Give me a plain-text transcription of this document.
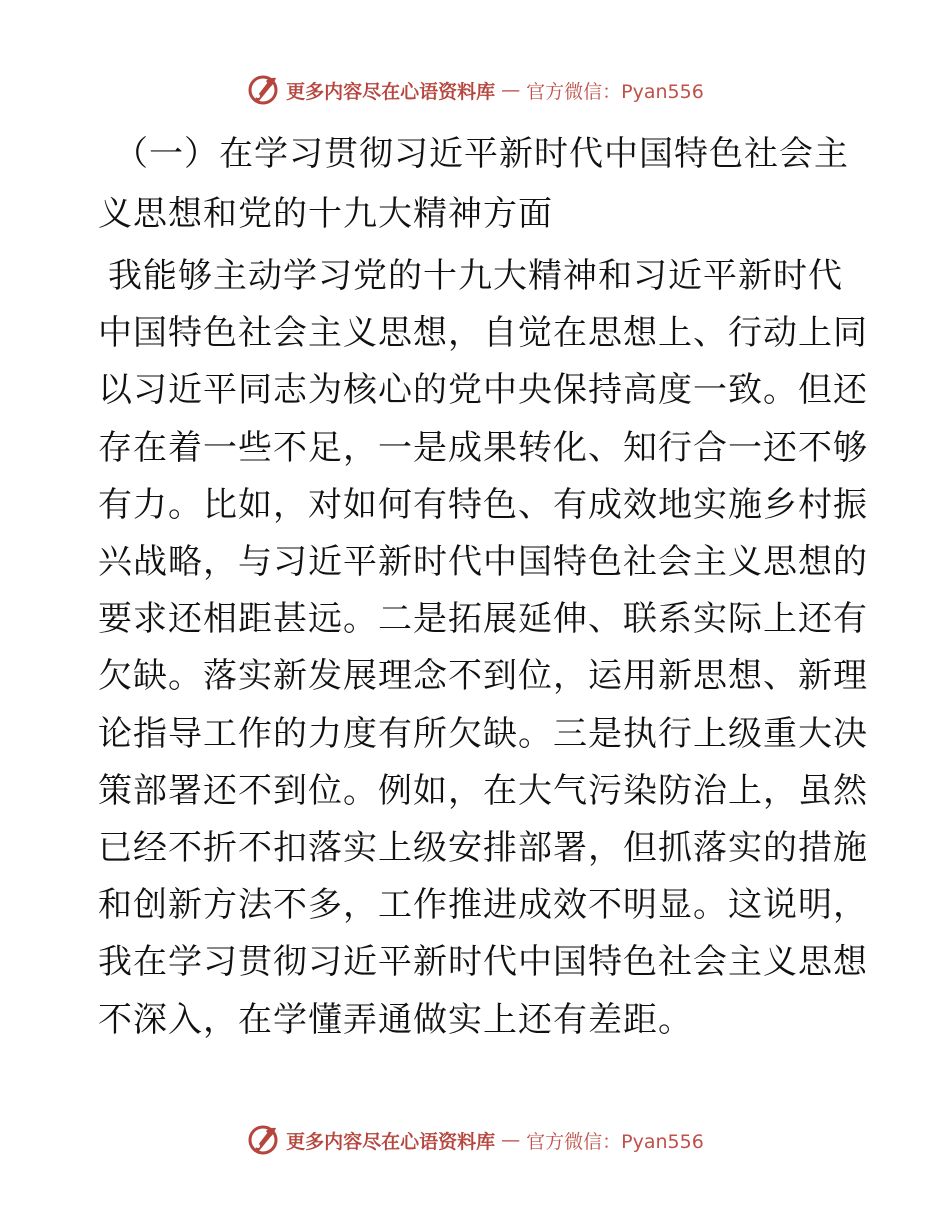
更多内容尽在心语资料库 — 官方微信：Pyan556
（一）在学习贯彻习近平新时代中国特色社会主
义思想和党的十九大精神方面
我能够主动学习党的十九大精神和习近平新时代
中国特色社会主义思想，自觉在思想上、行动上同
以习近平同志为核心的党中央保持高度一致。但还
存在着一些不足，一是成果转化、知行合一还不够
有力。比如，对如何有特色、有成效地实施乡村振
兴战略，与习近平新时代中国特色社会主义思想的
要求还相距甚远。二是拓展延伸、联系实际上还有
欠缺。落实新发展理念不到位，运用新思想、新理
论指导工作的力度有所欠缺。三是执行上级重大决
策部署还不到位。例如，在大气污染防治上，虽然
已经不折不扣落实上级安排部署，但抓落实的措施
和创新方法不多，工作推进成效不明显。这说明，
我在学习贯彻习近平新时代中国特色社会主义思想
不深入，在学懂弄通做实上还有差距。
更多内容尽在心语资料库 — 官方微信：Pyan556
